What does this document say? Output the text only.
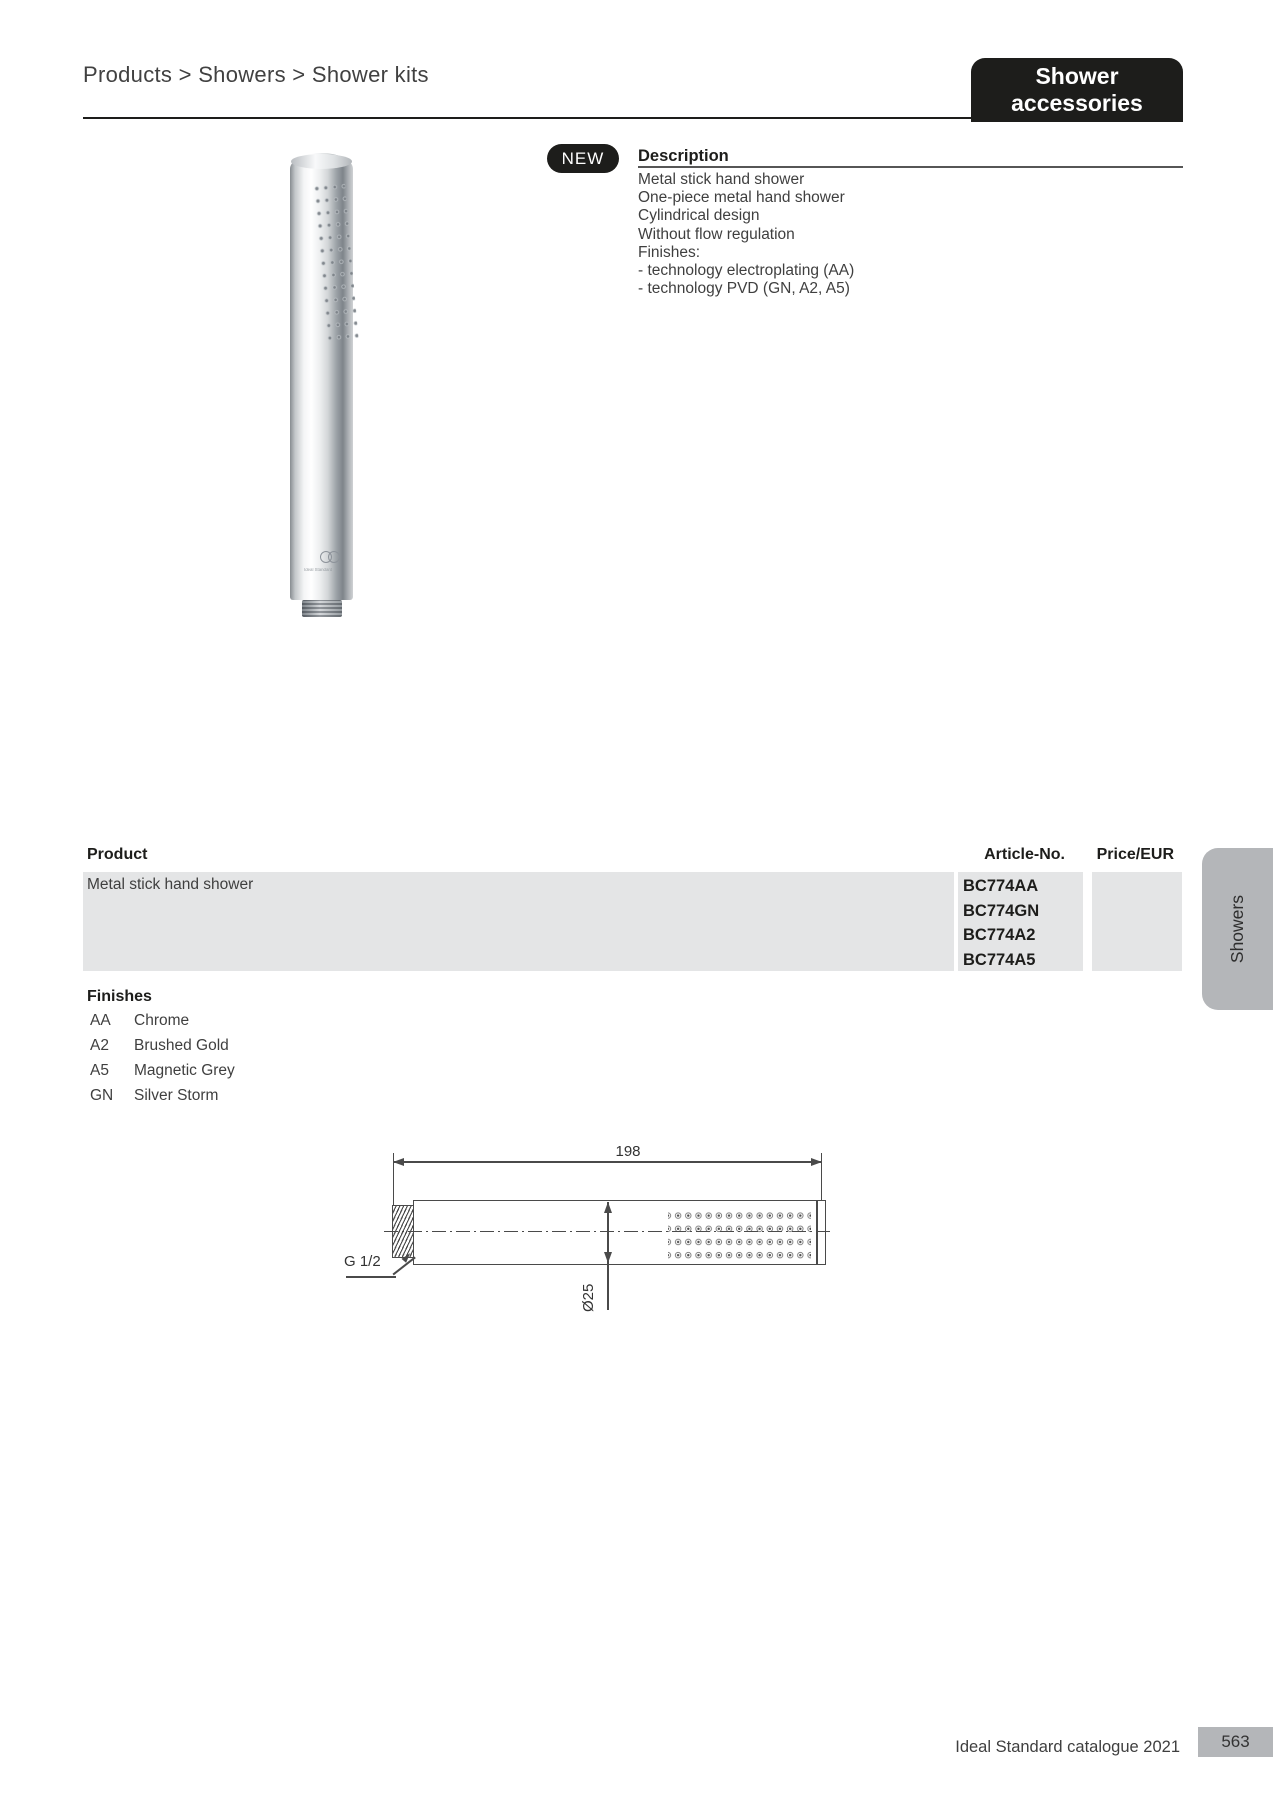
Products > Showers > Shower kits	Shower
accessories
Ideal Standard
NEW	Description
Metal stick hand shower
One-piece metal hand shower
Cylindrical design
Without flow regulation
Finishes:
- technology electroplating (AA)
- technology PVD (GN, A2, A5)
Product	Article-No.	Price/EUR
Metal stick hand shower	BC774AA
BC774GN
BC774A2
BC774A5
Finishes
AA Chrome
A2 Brushed Gold
A5 Magnetic Grey
GN Silver Storm
198
Ø25
G 1/2
Showers
Ideal Standard catalogue 2021	563
